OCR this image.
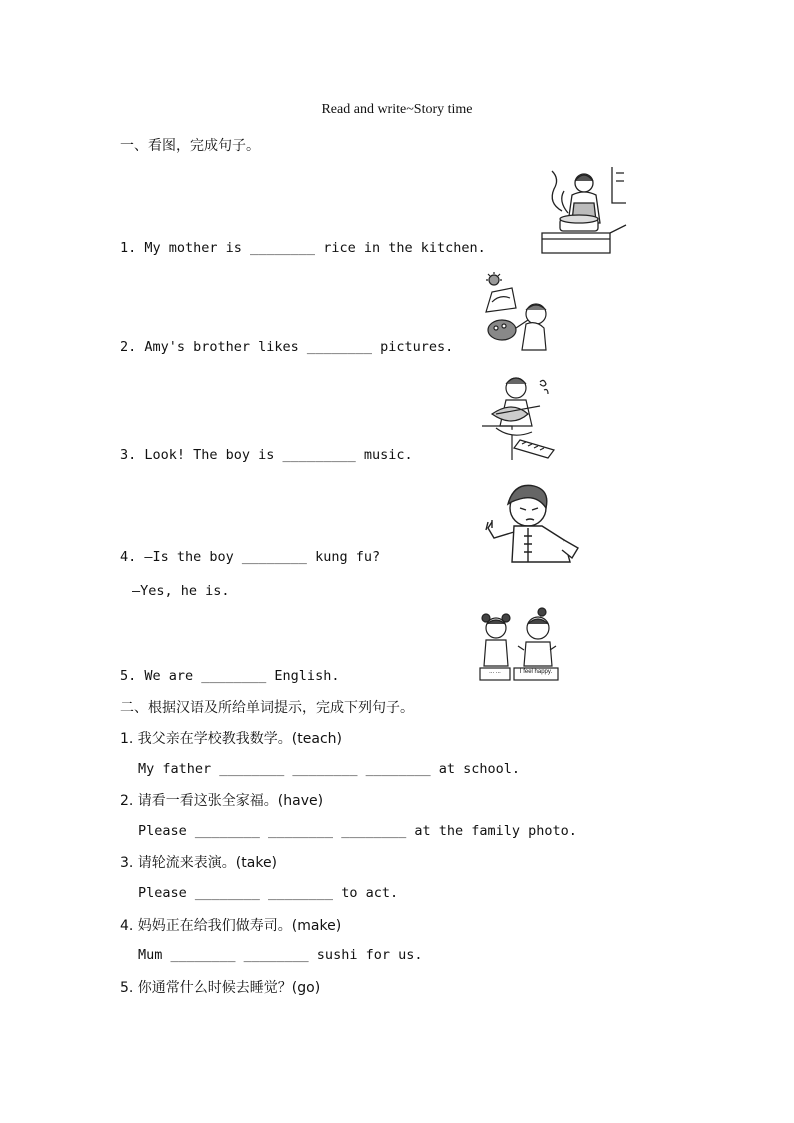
Read and write~Story time
一、看图，完成句子。
1. My mother is ________ rice in the kitchen.
2. Amy's brother likes ________ pictures.
3. Look! The boy is _________ music.
4. —Is the boy ________ kung fu?
—Yes, he is.
5. We are ________ English.	... ...	I feel happy.
二、根据汉语及所给单词提示，完成下列句子。
1. 我父亲在学校教我数学。(teach)
My father ________ ________ ________ at school.
2. 请看一看这张全家福。(have)
Please ________ ________ ________ at the family photo.
3. 请轮流来表演。(take)
Please ________ ________ to act.
4. 妈妈正在给我们做寿司。(make)
Mum ________ ________ sushi for us.
5. 你通常什么时候去睡觉？(go)
